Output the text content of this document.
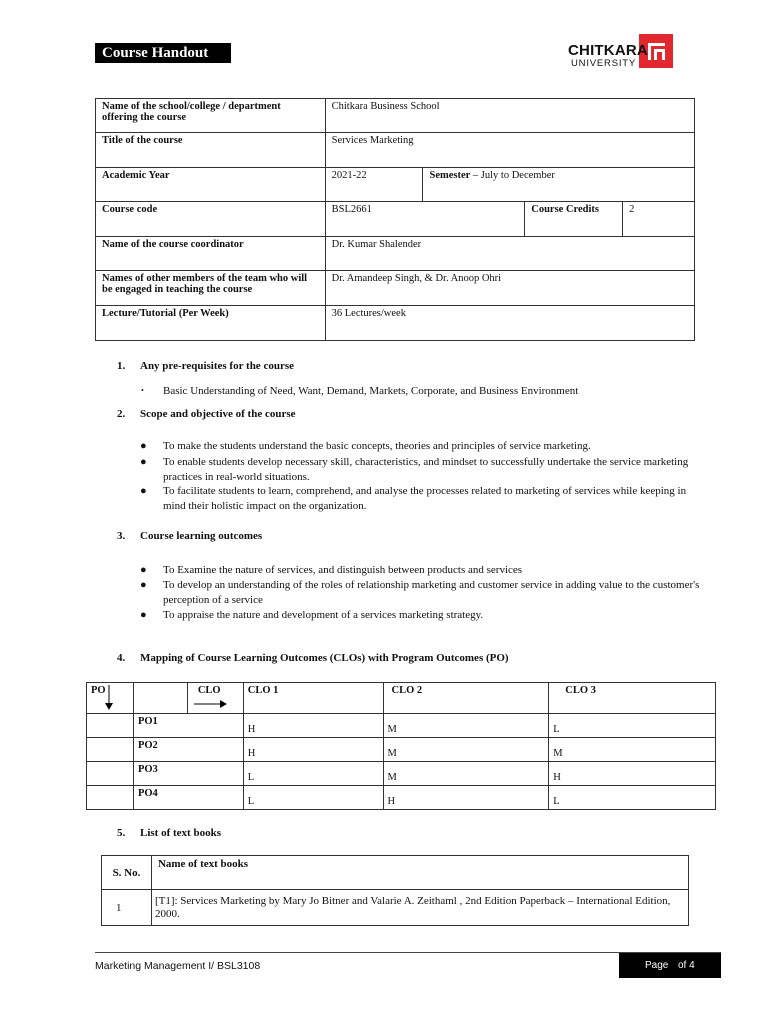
Course Handout	CHITKARA
UNIVERSITY
Name of the school/college / department offering the course	Chitkara Business School			
Title of the course	Services Marketing			
Academic Year	2021-22	Semester – July to December		
Course code	BSL2661		Course Credits	2
Name of the course coordinator	Dr. Kumar Shalender			
Names of other members of the team who will be engaged in teaching the course	Dr. Amandeep Singh, & Dr. Anoop Ohri			
Lecture/Tutorial (Per Week)	36 Lectures/week			
1. Any pre-requisites for the course
• Basic Understanding of Need, Want, Demand, Markets, Corporate, and Business Environment
2. Scope and objective of the course
● To make the students understand the basic concepts, theories and principles of service marketing.
● To enable students develop necessary skill, characteristics, and mindset to successfully undertake the service marketing practices in real-world situations.
● To facilitate students to learn, comprehend, and analyse the processes related to marketing of services while keeping in mind their holistic impact on the organization.
3. Course learning outcomes
● To Examine the nature of services, and distinguish between products and services
● To develop an understanding of the roles of relationship marketing and customer service in adding value to the customer's perception of a service
● To appraise the nature and development of a services marketing strategy.
4. Mapping of Course Learning Outcomes (CLOs) with Program Outcomes (PO)
PO		CLO	CLO 1	CLO 2	CLO 3
	PO1		H	M	L
	PO2		H	M	M
	PO3		L	M	H
	PO4		L	H	L
5. List of text books
S. No.	Name of text books
1	[T1]: Services Marketing by Mary Jo Bitner and Valarie A. Zeithaml , 2nd Edition Paperback – International Edition, 2000.
Marketing Management I/ BSL3108	Page of 4
